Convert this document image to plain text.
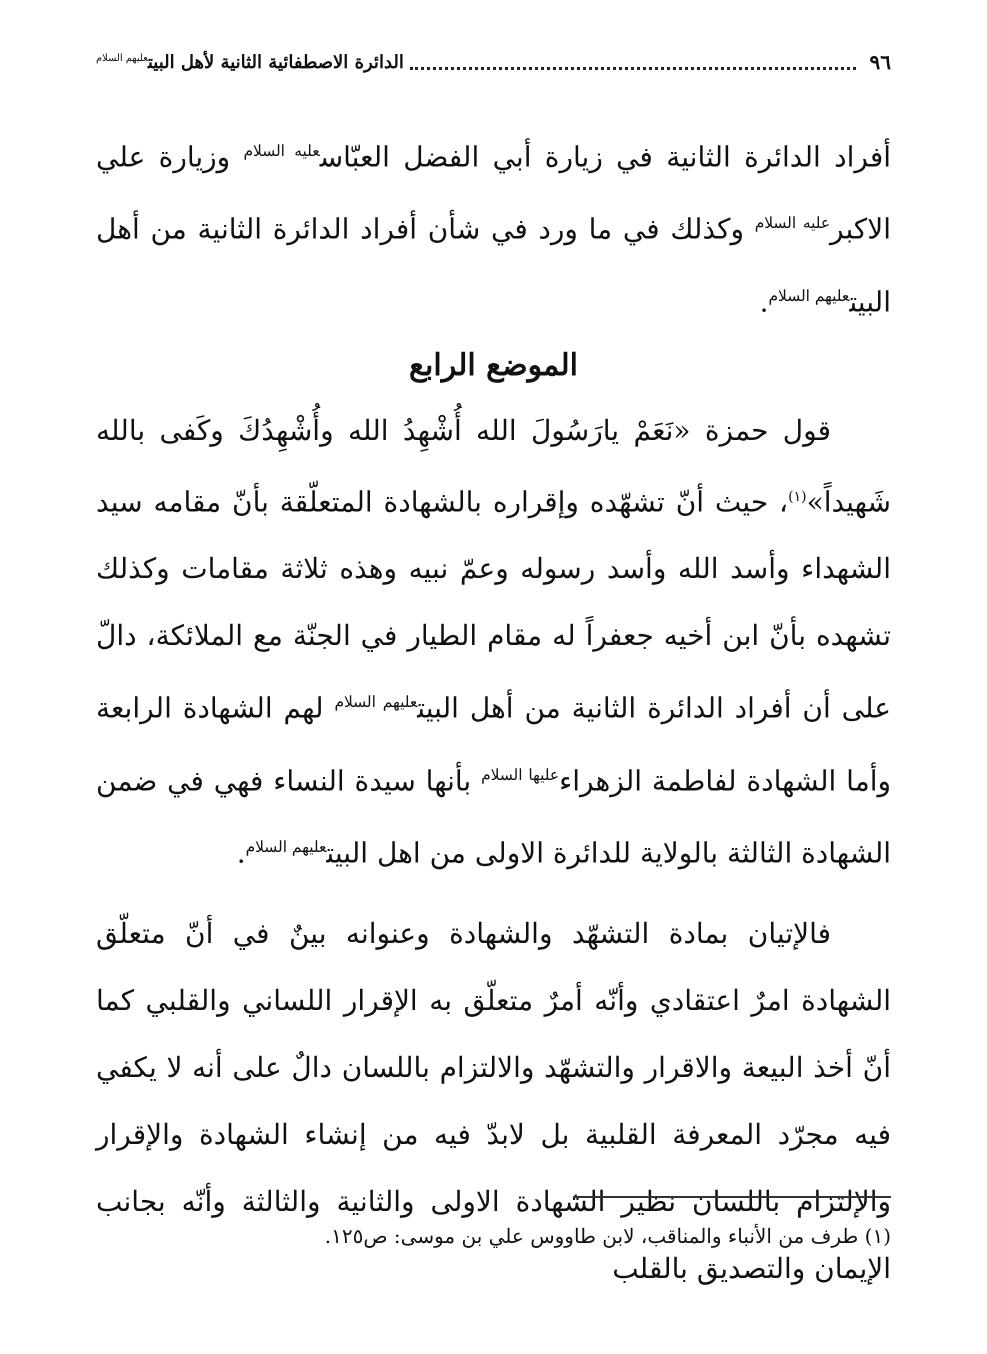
٩٦
الدائرة الاصطفائية الثانية لأهل البيت$^{عليهم السلام}$

أفراد الدائرة الثانية في زيارة أبي الفضل العبّاس$^{عليه السلام}$ وزيارة علي الاكبر$^{عليه السلام}$ وكذلك في ما ورد في شأن أفراد الدائرة الثانية من أهل البيت$^{عليهم السلام}$.

الموضع الرابع

قول حمزة «نَعَمْ يارَسُولَ الله أُشْهِدُ الله وأُشْهِدُكَ وكَفى بالله شَهيداً»$^{(١)}$، حيث أنّ تشهّده وإقراره بالشهادة المتعلّقة بأنّ مقامه سيد الشهداء وأسد الله وأسد رسوله وعمّ نبيه وهذه ثلاثة مقامات وكذلك تشهده بأنّ ابن أخيه جعفراً له مقام الطيار في الجنّة مع الملائكة، دالّ على أن أفراد الدائرة الثانية من أهل البيت$^{عليهم السلام}$ لهم الشهادة الرابعة وأما الشهادة لفاطمة الزهراء$^{عليها السلام}$ بأنها سيدة النساء فهي في ضمن الشهادة الثالثة بالولاية للدائرة الاولى من اهل البيت$^{عليهم السلام}$.

فالإتيان بمادة التشهّد والشهادة وعنوانه بينٌ في أنّ متعلّق الشهادة امرٌ اعتقادي وأنّه أمرٌ متعلّق به الإقرار اللساني والقلبي كما أنّ أخذ البيعة والاقرار والتشهّد والالتزام باللسان دالٌ على أنه لا يكفي فيه مجرّد المعرفة القلبية بل لابدّ فيه من إنشاء الشهادة والإقرار والإلتزام باللسان نظير الشهادة الاولى والثانية والثالثة وأنّه بجانب الإيمان والتصديق بالقلب

(١) طرف من الأنباء والمناقب، لابن طاووس علي بن موسى: ص١٢٥.
